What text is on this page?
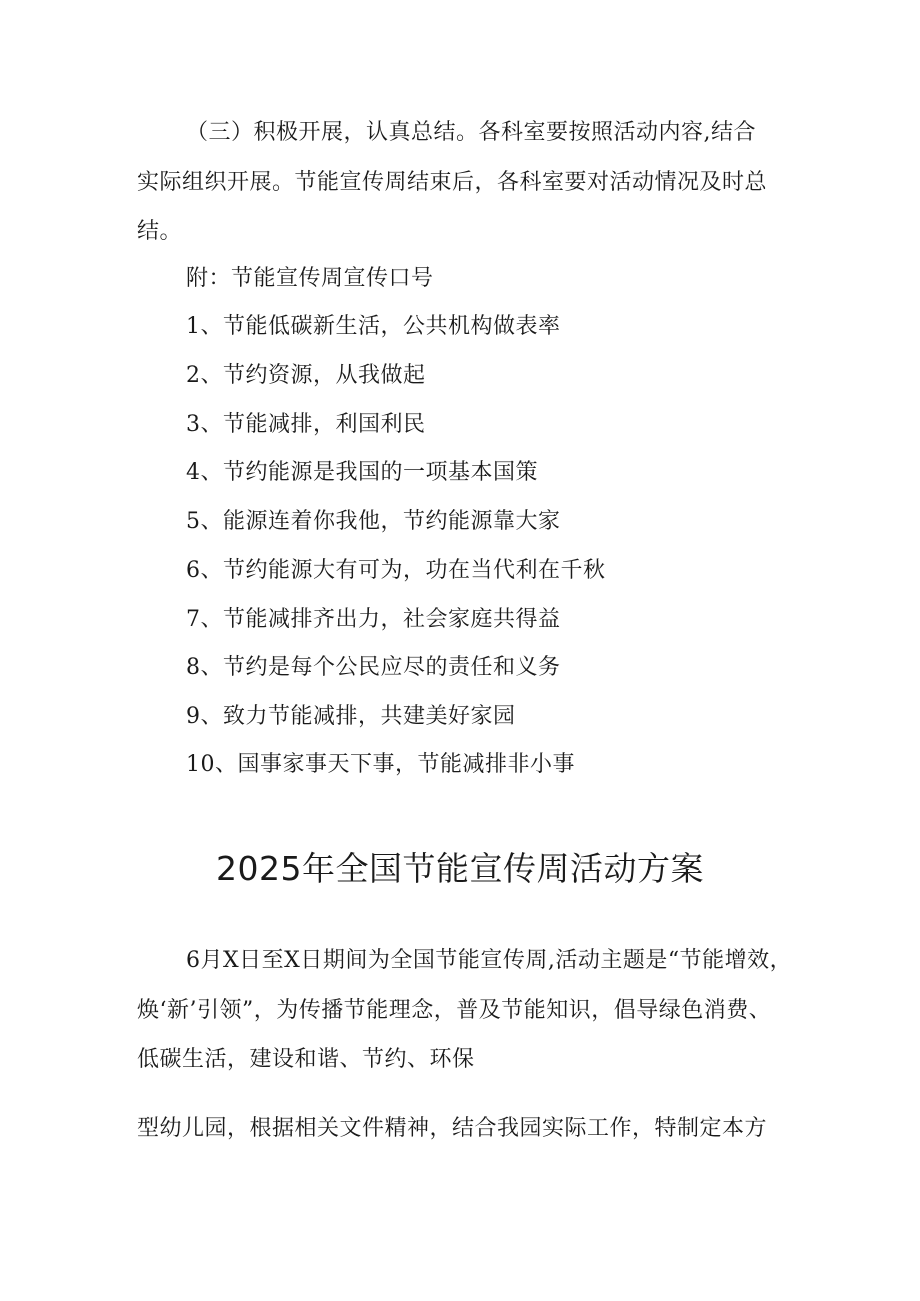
（三）积极开展，认真总结。各科室要按照活动内容,结合
实际组织开展。节能宣传周结束后，各科室要对活动情况及时总
结。
附：节能宣传周宣传口号
1、节能低碳新生活，公共机构做表率
2、节约资源，从我做起
3、节能减排，利国利民
4、节约能源是我国的一项基本国策
5、能源连着你我他，节约能源靠大家
6、节约能源大有可为，功在当代利在千秋
7、节能减排齐出力，社会家庭共得益
8、节约是每个公民应尽的责任和义务
9、致力节能减排，共建美好家园
10、国事家事天下事，节能减排非小事
2025年全国节能宣传周活动方案
6月X日至X日期间为全国节能宣传周,活动主题是“节能增效，
焕‘新’引领”，为传播节能理念，普及节能知识，倡导绿色消费、
低碳生活，建设和谐、节约、环保
型幼儿园，根据相关文件精神，结合我园实际工作，特制定本方
